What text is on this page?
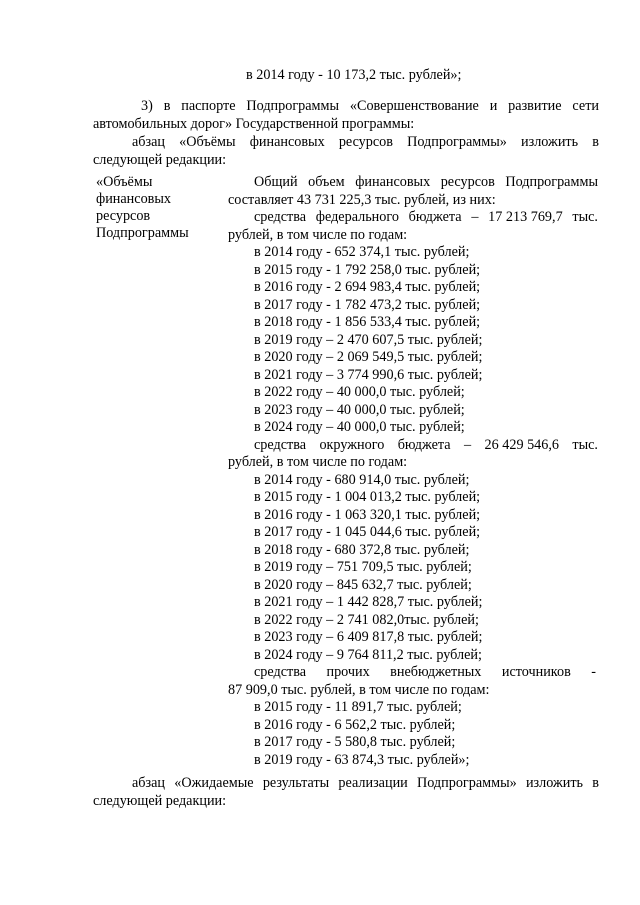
в 2014 году - 10 173,2 тыс. рублей»;
3) в паспорте Подпрограммы «Совершенствование и развитие сети
автомобильных дорог» Государственной программы:
абзац «Объёмы финансовых ресурсов Подпрограммы» изложить в
следующей редакции:
«Объёмы
финансовых
ресурсов
Подпрограммы
Общий объем финансовых ресурсов Подпрограммы
составляет 43 731 225,3 тыс. рублей, из них:
средства федерального бюджета – 17 213 769,7 тыс.
рублей, в том числе по годам:
в 2014 году - 652 374,1 тыс. рублей;
в 2015 году - 1 792 258,0 тыс. рублей;
в 2016 году - 2 694 983,4 тыс. рублей;
в 2017 году - 1 782 473,2 тыс. рублей;
в 2018 году - 1 856 533,4 тыс. рублей;
в 2019 году – 2 470 607,5 тыс. рублей;
в 2020 году – 2 069 549,5 тыс. рублей;
в 2021 году – 3 774 990,6 тыс. рублей;
в 2022 году – 40 000,0 тыс. рублей;
в 2023 году – 40 000,0 тыс. рублей;
в 2024 году – 40 000,0 тыс. рублей;
средства окружного бюджета – 26 429 546,6 тыс.
рублей, в том числе по годам:
в 2014 году - 680 914,0 тыс. рублей;
в 2015 году - 1 004 013,2 тыс. рублей;
в 2016 году - 1 063 320,1 тыс. рублей;
в 2017 году - 1 045 044,6 тыс. рублей;
в 2018 году - 680 372,8 тыс. рублей;
в 2019 году – 751 709,5 тыс. рублей;
в 2020 году – 845 632,7 тыс. рублей;
в 2021 году – 1 442 828,7 тыс. рублей;
в 2022 году – 2 741 082,0тыс. рублей;
в 2023 году – 6 409 817,8 тыс. рублей;
в 2024 году – 9 764 811,2 тыс. рублей;
средства прочих внебюджетных источников -
87 909,0 тыс. рублей, в том числе по годам:
в 2015 году - 11 891,7 тыс. рублей;
в 2016 году - 6 562,2 тыс. рублей;
в 2017 году - 5 580,8 тыс. рублей;
в 2019 году - 63 874,3 тыс. рублей»;
абзац «Ожидаемые результаты реализации Подпрограммы» изложить в
следующей редакции:
